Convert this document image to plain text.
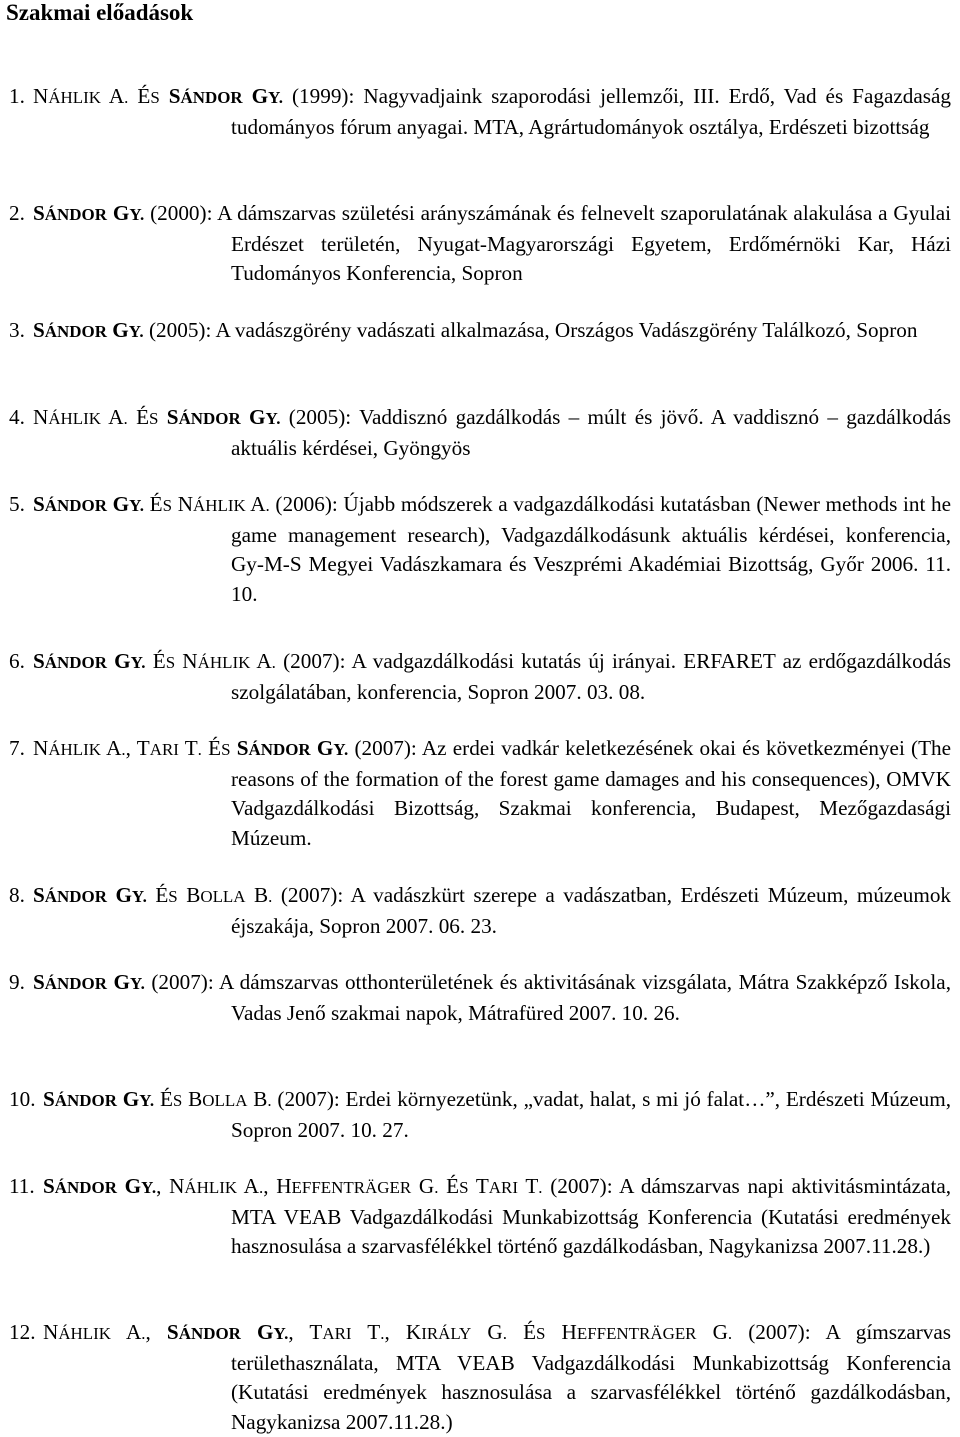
Szakmai előadások
1. NÁHLIK A. ÉS SÁNDOR GY. (1999): Nagyvadjaink szaporodási jellemzői, III. Erdő, Vad és Fagazdaság tudományos fórum anyagai. MTA, Agrártudományok osztálya, Erdészeti bizottság
2. SÁNDOR GY. (2000): A dámszarvas születési arányszámának és felnevelt szaporulatának alakulása a Gyulai Erdészet területén, Nyugat-Magyarországi Egyetem, Erdőmérnöki Kar, Házi Tudományos Konferencia, Sopron
3. SÁNDOR GY. (2005): A vadászgörény vadászati alkalmazása, Országos Vadászgörény Találkozó, Sopron
4. NÁHLIK A. ÉS SÁNDOR GY. (2005): Vaddisznó gazdálkodás – múlt és jövő. A vaddisznó – gazdálkodás aktuális kérdései, Gyöngyös
5. SÁNDOR GY. ÉS NÁHLIK A. (2006): Újabb módszerek a vadgazdálkodási kutatásban (Newer methods int he game management research), Vadgazdálkodásunk aktuális kérdései, konferencia, Gy-M-S Megyei Vadászkamara és Veszprémi Akadémiai Bizottság, Győr 2006. 11. 10.
6. SÁNDOR GY. ÉS NÁHLIK A. (2007): A vadgazdálkodási kutatás új irányai. ERFARET az erdőgazdálkodás szolgálatában, konferencia, Sopron 2007. 03. 08.
7. NÁHLIK A., TARI T. ÉS SÁNDOR GY. (2007): Az erdei vadkár keletkezésének okai és következményei (The reasons of the formation of the forest game damages and his consequences), OMVK Vadgazdálkodási Bizottság, Szakmai konferencia, Budapest, Mezőgazdasági Múzeum.
8. SÁNDOR GY. ÉS BOLLA B. (2007): A vadászkürt szerepe a vadászatban, Erdészeti Múzeum, múzeumok éjszakája, Sopron 2007. 06. 23.
9. SÁNDOR GY. (2007): A dámszarvas otthonterületének és aktivitásának vizsgálata, Mátra Szakképző Iskola, Vadas Jenő szakmai napok, Mátrafüred 2007. 10. 26.
10. SÁNDOR GY. ÉS BOLLA B. (2007): Erdei környezetünk, „vadat, halat, s mi jó falat…”, Erdészeti Múzeum, Sopron 2007. 10. 27.
11. SÁNDOR GY., NÁHLIK A., HEFFENTRÄGER G. ÉS TARI T. (2007): A dámszarvas napi aktivitásmintázata, MTA VEAB Vadgazdálkodási Munkabizottság Konferencia (Kutatási eredmények hasznosulása a szarvasfélékkel történő gazdálkodásban, Nagykanizsa 2007.11.28.)
12. NÁHLIK A., SÁNDOR GY., TARI T., KIRÁLY G. ÉS HEFFENTRÄGER G. (2007): A gímszarvas területhasználata, MTA VEAB Vadgazdálkodási Munkabizottság Konferencia (Kutatási eredmények hasznosulása a szarvasfélékkel történő gazdálkodásban, Nagykanizsa 2007.11.28.)
